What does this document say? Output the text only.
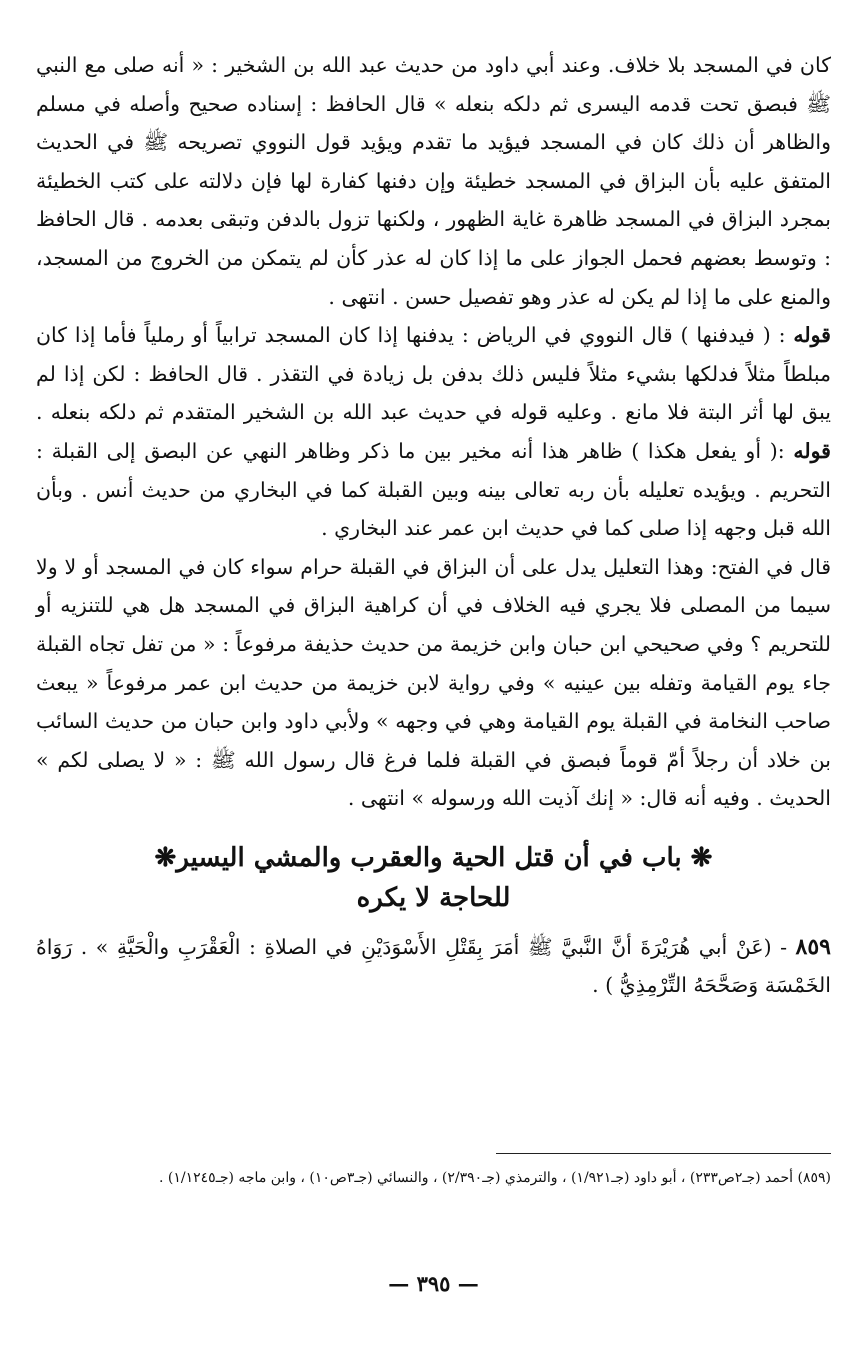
كان في المسجد بلا خلاف. وعند أبي داود من حديث عبد الله بن الشخير : « أنه صلى مع النبي ﷺ فبصق تحت قدمه اليسرى ثم دلكه بنعله » قال الحافظ : إسناده صحيح وأصله في مسلم والظاهر أن ذلك كان في المسجد فيؤيد ما تقدم ويؤيد قول النووي تصريحه ﷺ في الحديث المتفق عليه بأن البزاق في المسجد خطيئة وإن دفنها كفارة لها فإن دلالته على كتب الخطيئة بمجرد البزاق في المسجد ظاهرة غاية الظهور ، ولكنها تزول بالدفن وتبقى بعدمه . قال الحافظ : وتوسط بعضهم فحمل الجواز على ما إذا كان له عذر كأن لم يتمكن من الخروج من المسجد، والمنع على ما إذا لم يكن له عذر وهو تفصيل حسن . انتهى .

قوله : ( فيدفنها ) قال النووي في الرياض : يدفنها إذا كان المسجد ترابياً أو رملياً فأما إذا كان مبلطاً مثلاً فدلكها بشيء مثلاً فليس ذلك بدفن بل زيادة في التقذر . قال الحافظ : لكن إذا لم يبق لها أثر البتة فلا مانع . وعليه قوله في حديث عبد الله بن الشخير المتقدم ثم دلكه بنعله . قوله :( أو يفعل هكذا ) ظاهر هذا أنه مخير بين ما ذكر وظاهر النهي عن البصق إلى القبلة : التحريم . ويؤيده تعليله بأن ربه تعالى بينه وبين القبلة كما في البخاري من حديث أنس . وبأن الله قبل وجهه إذا صلى كما في حديث ابن عمر عند البخاري .

قال في الفتح: وهذا التعليل يدل على أن البزاق في القبلة حرام سواء كان في المسجد أو لا ولا سيما من المصلى فلا يجري فيه الخلاف في أن كراهية البزاق في المسجد هل هي للتنزيه أو للتحريم ؟ وفي صحيحي ابن حبان وابن خزيمة من حديث حذيفة مرفوعاً : « من تفل تجاه القبلة جاء يوم القيامة وتفله بين عينيه » وفي رواية لابن خزيمة من حديث ابن عمر مرفوعاً « يبعث صاحب النخامة في القبلة يوم القيامة وهي في وجهه » ولأبي داود وابن حبان من حديث السائب بن خلاد أن رجلاً أمّ قوماً فبصق في القبلة فلما فرغ قال رسول الله ﷺ : « لا يصلى لكم » الحديث . وفيه أنه قال: « إنك آذيت الله ورسوله » انتهى .

❋ باب في أن قتل الحية والعقرب والمشي اليسير❋
للحاجة لا يكره
٨٥٩ - (عَنْ أبي هُرَيْرَةَ أنَّ النَّبيَّ ﷺ أمَرَ بِقَتْلِ الأَسْوَدَيْنِ في الصلاةِ : الْعَقْرَبِ والْحَيَّةِ » . رَوَاهُ الخَمْسَة وَصَحَّحَهُ التِّرْمِذِيُّ ) .
(٨٥٩) أحمد (جـ٢ص٢٣٣) ، أبو داود (جـ١/٩٢١) ، والترمذي (جـ٢/٣٩٠) ، والنسائي (جـ٣ص١٠) ، وابن ماجه (جـ١/١٢٤٥) .
— ٣٩٥ —
